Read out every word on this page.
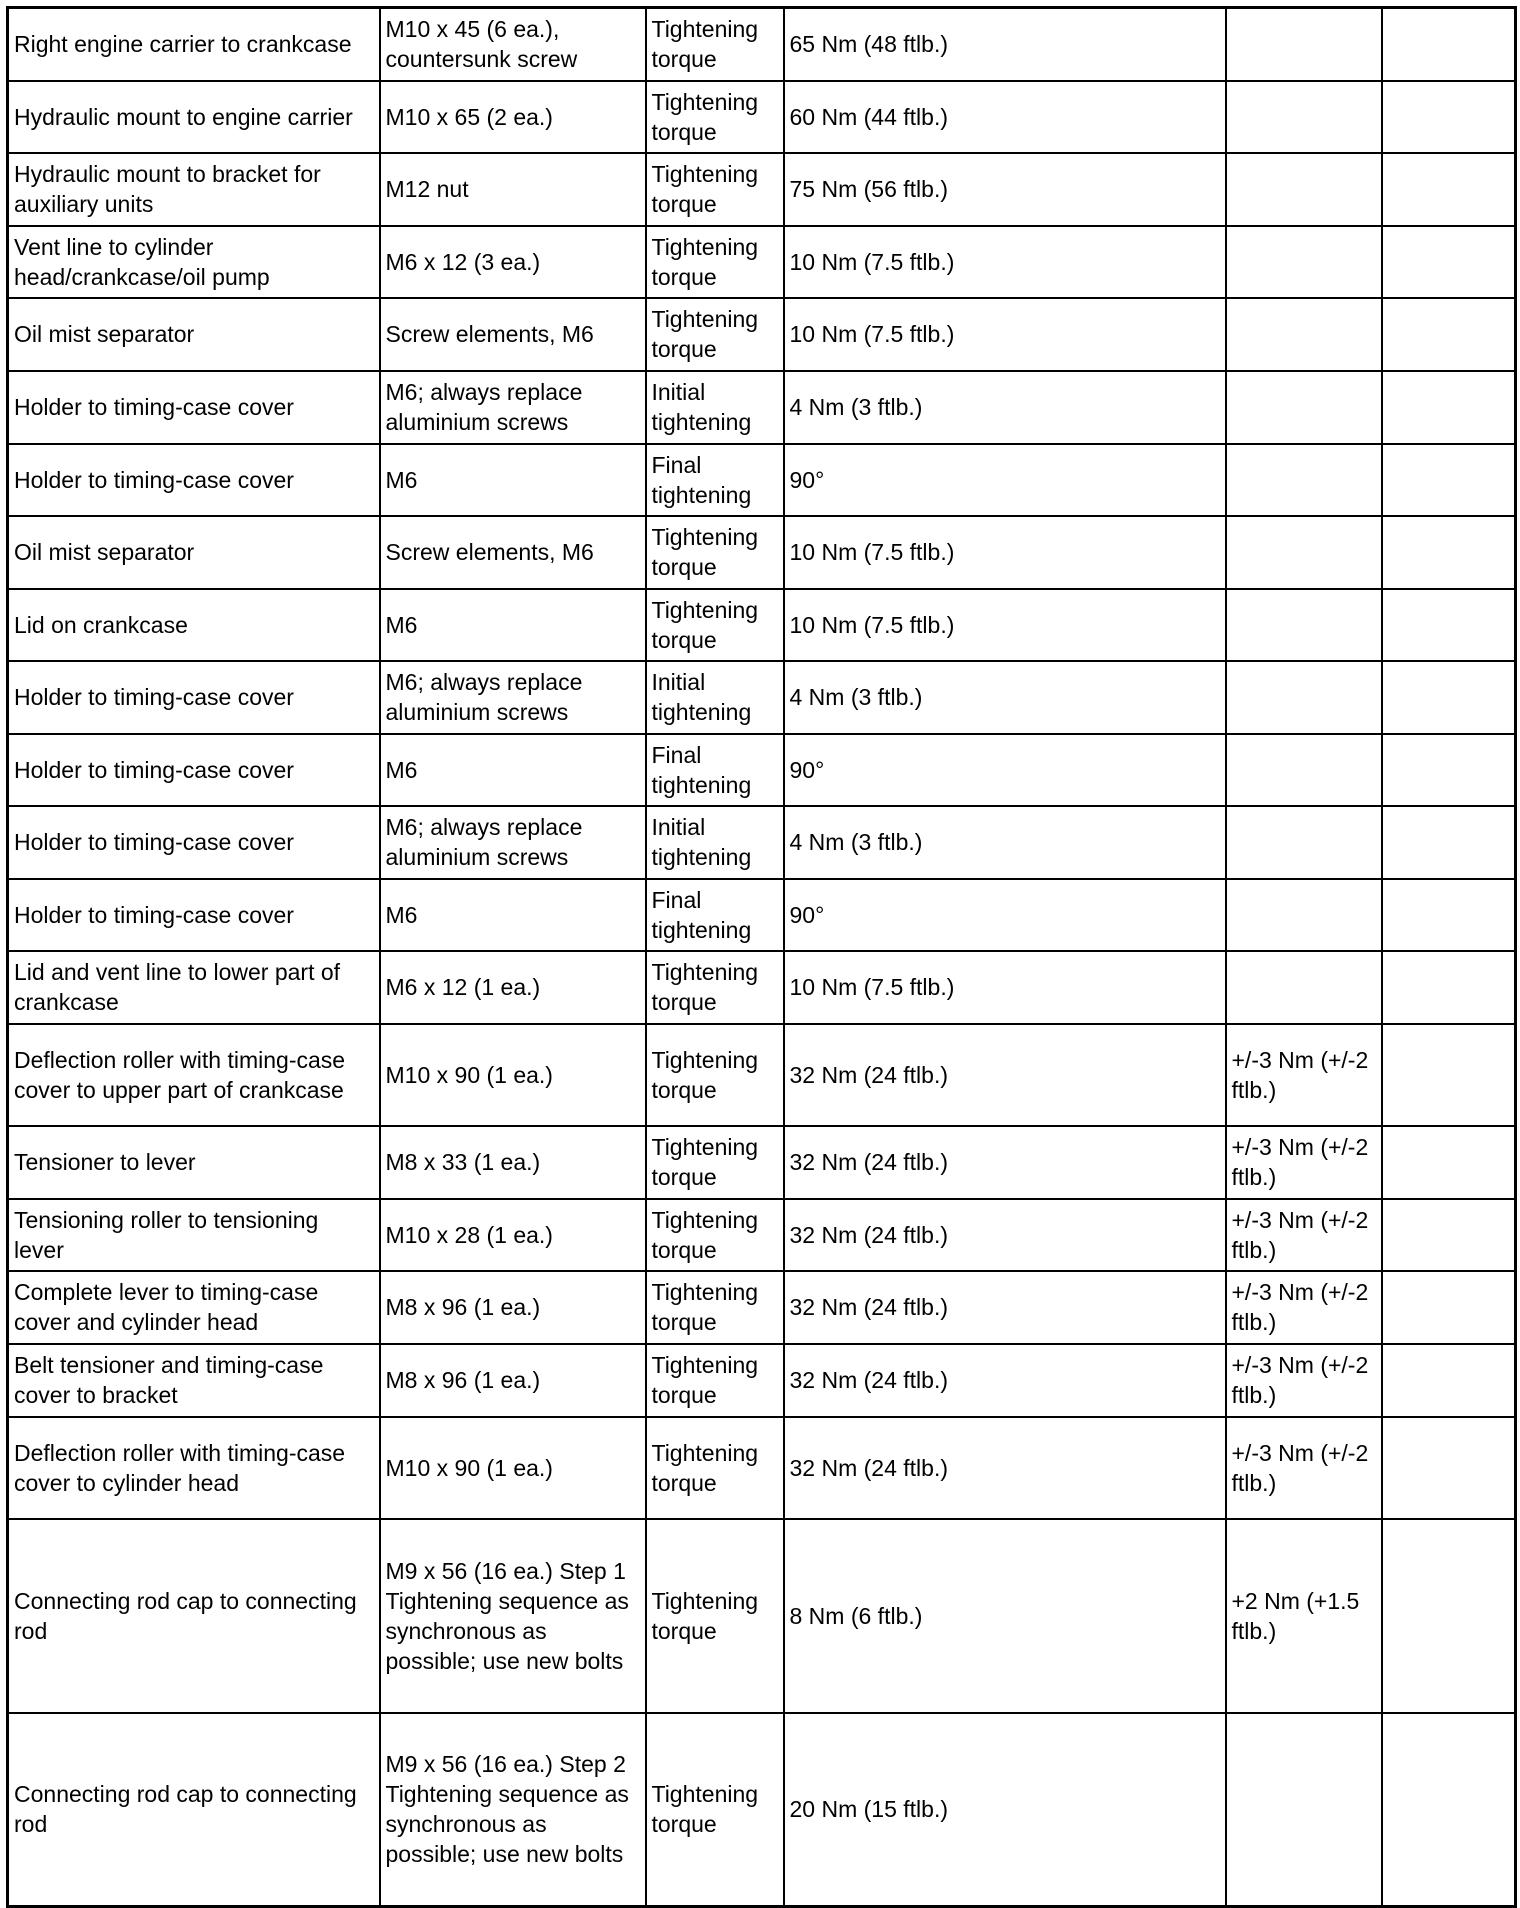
Right engine carrier to crankcase	M10 x 45 (6 ea.), countersunk screw	Tightening torque	65 Nm (48 ftlb.)		
Hydraulic mount to engine carrier	M10 x 65 (2 ea.)	Tightening torque	60 Nm (44 ftlb.)		
Hydraulic mount to bracket for auxiliary units	M12 nut	Tightening torque	75 Nm (56 ftlb.)		
Vent line to cylinder head/crankcase/oil pump	M6 x 12 (3 ea.)	Tightening torque	10 Nm (7.5 ftlb.)		
Oil mist separator	Screw elements, M6	Tightening torque	10 Nm (7.5 ftlb.)		
Holder to timing-case cover	M6; always replace aluminium screws	Initial tightening	4 Nm (3 ftlb.)		
Holder to timing-case cover	M6	Final tightening	90°		
Oil mist separator	Screw elements, M6	Tightening torque	10 Nm (7.5 ftlb.)		
Lid on crankcase	M6	Tightening torque	10 Nm (7.5 ftlb.)		
Holder to timing-case cover	M6; always replace aluminium screws	Initial tightening	4 Nm (3 ftlb.)		
Holder to timing-case cover	M6	Final tightening	90°		
Holder to timing-case cover	M6; always replace aluminium screws	Initial tightening	4 Nm (3 ftlb.)		
Holder to timing-case cover	M6	Final tightening	90°		
Lid and vent line to lower part of crankcase	M6 x 12 (1 ea.)	Tightening torque	10 Nm (7.5 ftlb.)		
Deflection roller with timing-case cover to upper part of crankcase	M10 x 90 (1 ea.)	Tightening torque	32 Nm (24 ftlb.)	+/-3 Nm (+/-2 ftlb.)	
Tensioner to lever	M8 x 33 (1 ea.)	Tightening torque	32 Nm (24 ftlb.)	+/-3 Nm (+/-2 ftlb.)	
Tensioning roller to tensioning lever	M10 x 28 (1 ea.)	Tightening torque	32 Nm (24 ftlb.)	+/-3 Nm (+/-2 ftlb.)	
Complete lever to timing-case cover and cylinder head	M8 x 96 (1 ea.)	Tightening torque	32 Nm (24 ftlb.)	+/-3 Nm (+/-2 ftlb.)	
Belt tensioner and timing-case cover to bracket	M8 x 96 (1 ea.)	Tightening torque	32 Nm (24 ftlb.)	+/-3 Nm (+/-2 ftlb.)	
Deflection roller with timing-case cover to cylinder head	M10 x 90 (1 ea.)	Tightening torque	32 Nm (24 ftlb.)	+/-3 Nm (+/-2 ftlb.)	
Connecting rod cap to connecting rod	M9 x 56 (16 ea.) Step 1 Tightening sequence as synchronous as possible; use new bolts	Tightening torque	8 Nm (6 ftlb.)	+2 Nm (+1.5 ftlb.)	
Connecting rod cap to connecting rod	M9 x 56 (16 ea.) Step 2 Tightening sequence as synchronous as possible; use new bolts	Tightening torque	20 Nm (15 ftlb.)		
